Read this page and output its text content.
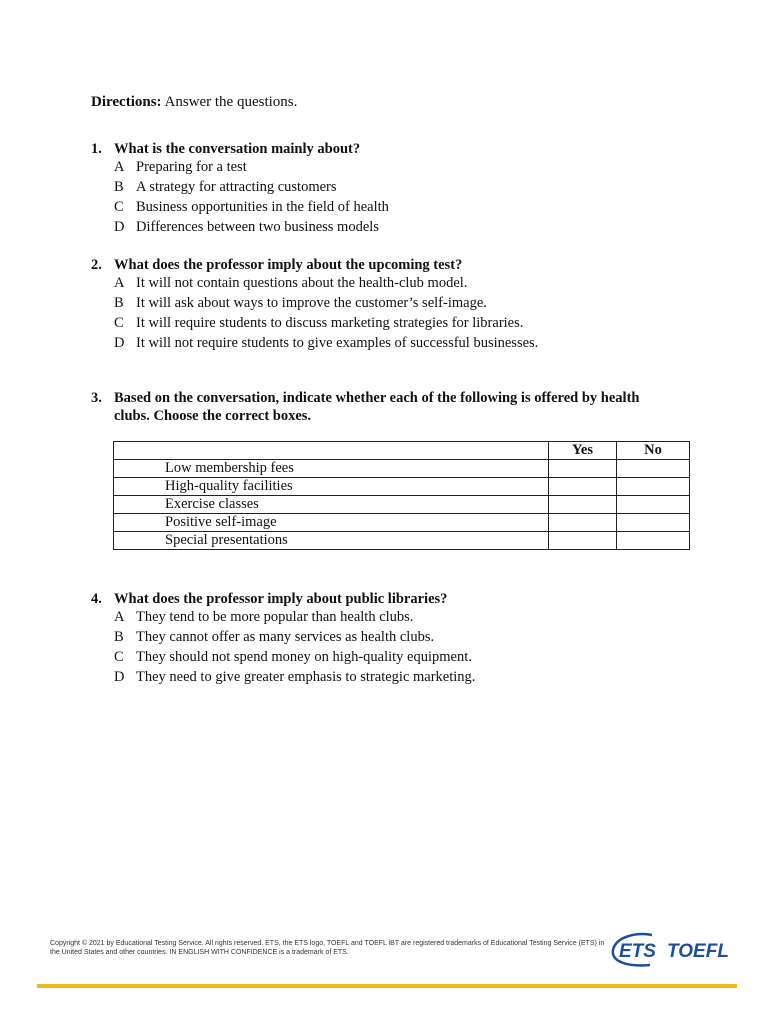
Directions: Answer the questions.
1. What is the conversation mainly about?
A Preparing for a test
B A strategy for attracting customers
C Business opportunities in the field of health
D Differences between two business models
2. What does the professor imply about the upcoming test?
A It will not contain questions about the health-club model.
B It will ask about ways to improve the customer’s self-image.
C It will require students to discuss marketing strategies for libraries.
D It will not require students to give examples of successful businesses.
3. Based on the conversation, indicate whether each of the following is offered by health clubs. Choose the correct boxes.
	Yes	No
Low membership fees		
High-quality facilities		
Exercise classes		
Positive self-image		
Special presentations		
4. What does the professor imply about public libraries?
A They tend to be more popular than health clubs.
B They cannot offer as many services as health clubs.
C They should not spend money on high-quality equipment.
D They need to give greater emphasis to strategic marketing.
Copyright © 2021 by Educational Testing Service. All rights reserved. ETS, the ETS logo, TOEFL and TOEFL iBT are registered trademarks of Educational Testing Service (ETS) in the United States and other countries. IN ENGLISH WITH CONFIDENCE is a trademark of ETS.	ETS TOEFL
